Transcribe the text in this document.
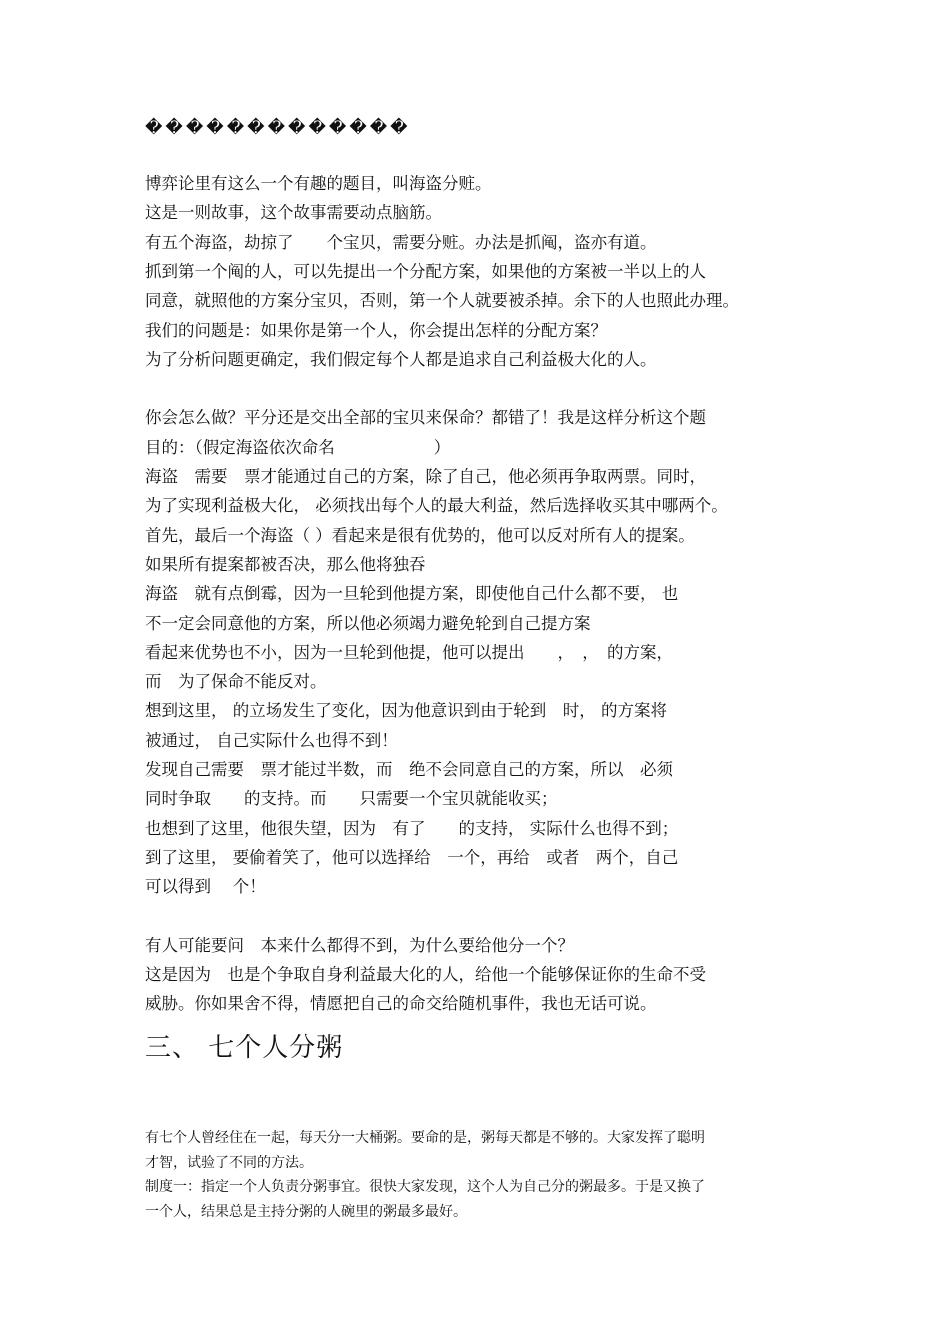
�������������
博弈论里有这么一个有趣的题目，叫海盗分赃。
这是一则故事，这个故事需要动点脑筋。
有五个海盗，劫掠了　　个宝贝，需要分赃。办法是抓阄，盗亦有道。
抓到第一个阄的人，可以先提出一个分配方案，如果他的方案被一半以上的人
同意，就照他的方案分宝贝，否则，第一个人就要被杀掉。余下的人也照此办理。
我们的问题是：如果你是第一个人，你会提出怎样的分配方案？
为了分析问题更确定，我们假定每个人都是追求自己利益极大化的人。
你会怎么做？平分还是交出全部的宝贝来保命？都错了！我是这样分析这个题
目的：（假定海盗依次命名　　　　　　）
海盗　需要　票才能通过自己的方案，除了自己，他必须再争取两票。同时，
为了实现利益极大化， 必须找出每个人的最大利益，然后选择收买其中哪两个。
首先，最后一个海盗（ ）看起来是很有优势的，他可以反对所有人的提案。
如果所有提案都被否决，那么他将独吞
海盗　就有点倒霉，因为一旦轮到他提方案，即使他自己什么都不要， 也
不一定会同意他的方案，所以他必须竭力避免轮到自己提方案
看起来优势也不小，因为一旦轮到他提，他可以提出　　，　，　的方案，
而　为了保命不能反对。
想到这里， 的立场发生了变化，因为他意识到由于轮到　时， 的方案将
被通过， 自己实际什么也得不到！
发现自己需要　票才能过半数，而　绝不会同意自己的方案，所以　必须
同时争取　　的支持。而　　只需要一个宝贝就能收买；
也想到了这里，他很失望，因为　有了　　的支持， 实际什么也得不到；
到了这里， 要偷着笑了，他可以选择给　一个，再给　或者　两个，自己
可以得到　 个！
有人可能要问　本来什么都得不到，为什么要给他分一个？
这是因为　也是个争取自身利益最大化的人，给他一个能够保证你的生命不受
威胁。你如果舍不得，情愿把自己的命交给随机事件，我也无话可说。
三、 七个人分粥
有七个人曾经住在一起，每天分一大桶粥。要命的是，粥每天都是不够的。大家发挥了聪明
才智，试验了不同的方法。
制度一：指定一个人负责分粥事宜。很快大家发现，这个人为自己分的粥最多。于是又换了
一个人，结果总是主持分粥的人碗里的粥最多最好。
